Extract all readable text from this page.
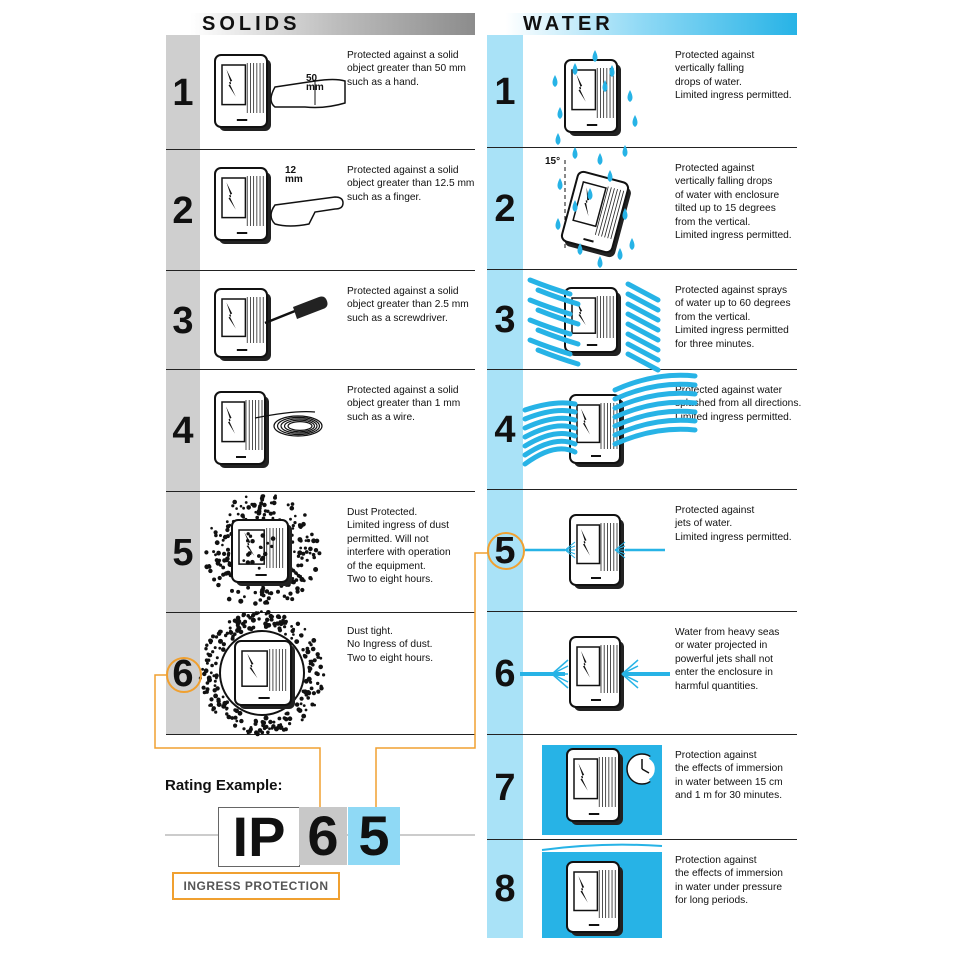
SOLIDS	WATER
1
Protected against a solid
object greater than 50 mm
such as a hand.
2
Protected against a solid
object greater than 12.5 mm
such as a finger.
3
Protected against a solid
object greater than 2.5 mm
such as a screwdriver.
4
Protected against a solid
object greater than 1 mm
such as a wire.
5
Dust Protected.
Limited ingress of dust
permitted. Will not
interfere with operation
of the equipment.
Two to eight hours.
6
Dust tight.
No Ingress of dust.
Two to eight hours.
50
mm
12
mm
1
Protected against
vertically falling
drops of water.
Limited ingress permitted.
2
Protected against
vertically falling drops
of water with enclosure
tilted up to 15 degrees
from the vertical.
Limited ingress permitted.
3
Protected against sprays
of water up to 60 degrees
from the vertical.
Limited ingress permitted
for three minutes.
4
Protected against water
splashed from all directions.
Limited ingress permitted.
5
Protected against
jets of water.
Limited ingress permitted.
6
Water from heavy seas
or water projected in
powerful jets shall not
enter the enclosure in
harmful quantities.
7
Protection against
the effects of immersion
in water between 15 cm
and 1 m for 30 minutes.
8
Protection against
the effects of immersion
in water under pressure
for long periods.
15°
Rating Example:
IP 6 5
INGRESS PROTECTION
